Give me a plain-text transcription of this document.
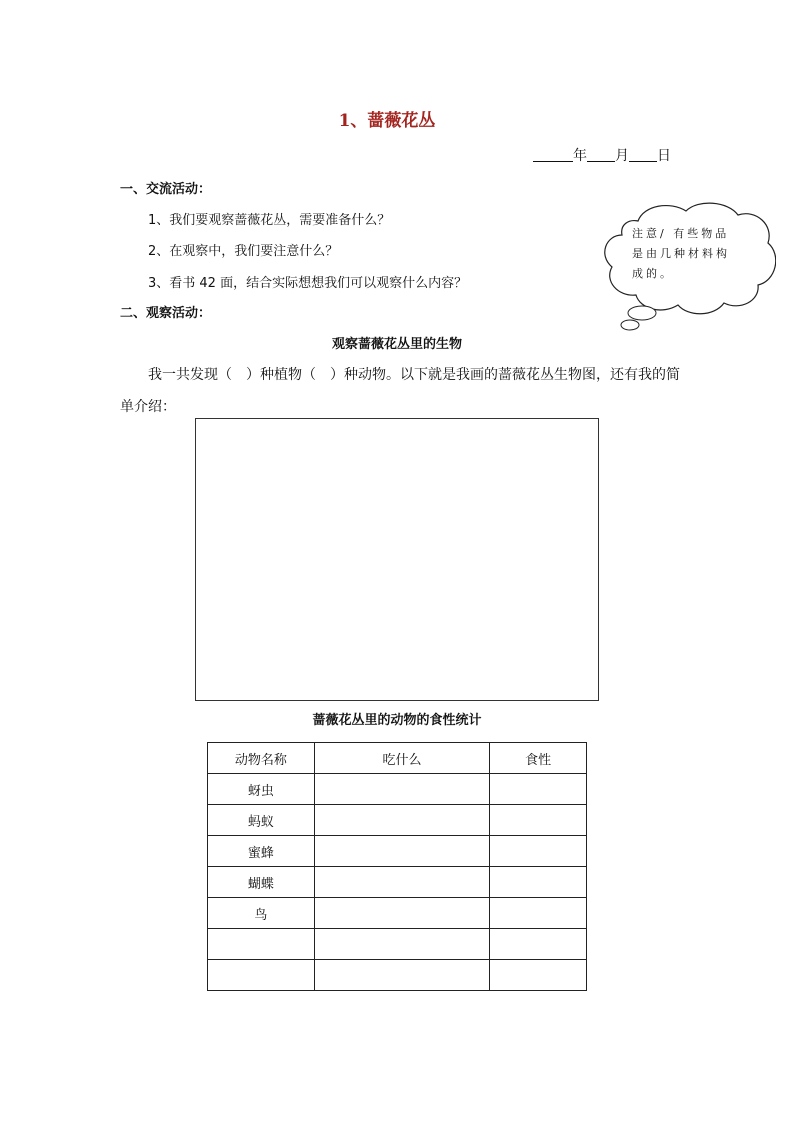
1、蔷薇花丛
年 月 日
一、交流活动：
1、我们要观察蔷薇花丛，需要准备什么？
2、在观察中，我们要注意什么？
3、看书 42 面，结合实际想想我们可以观察什么内容？
注意/ 有些物品是由几种材料构成的。
二、观察活动：
观察蔷薇花丛里的生物
我一共发现（　）种植物（　）种动物。以下就是我画的蔷薇花丛生物图，还有我的简
单介绍：
蔷薇花丛里的动物的食性统计
动物名称	吃什么	食性
蚜虫		
蚂蚁		
蜜蜂		
蝴蝶		
鸟		
